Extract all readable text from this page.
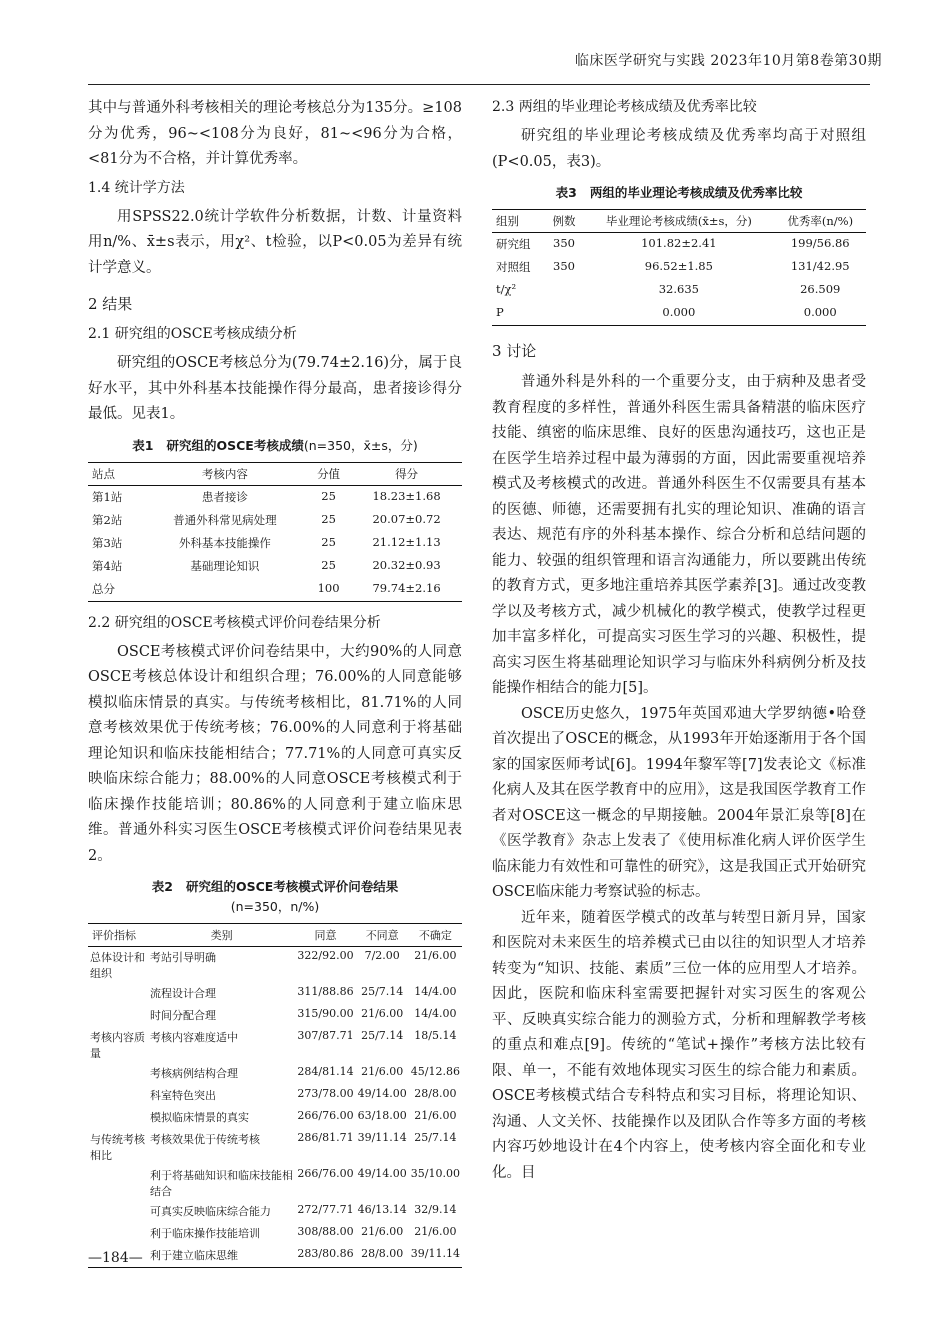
临床医学研究与实践 2023年10月第8卷第30期

其中与普通外科考核相关的理论考核总分为135分。≥108分为优秀，96~<108分为良好，81~<96分为合格，<81分为不合格，并计算优秀率。

1.4 统计学方法

用SPSS22.0统计学软件分析数据，计数、计量资料用n/%、x̄±s表示，用χ²、t检验，以P<0.05为差异有统计学意义。

2 结果
2.1 研究组的OSCE考核成绩分析

研究组的OSCE考核总分为(79.74±2.16)分，属于良好水平，其中外科基本技能操作得分最高，患者接诊得分最低。见表1。

表1 研究组的OSCE考核成绩(n=350，x̄±s，分)
站点	考核内容	分值	得分
第1站	患者接诊	25	18.23±1.68
第2站	普通外科常见病处理	25	20.07±0.72
第3站	外科基本技能操作	25	21.12±1.13
第4站	基础理论知识	25	20.32±0.93
总分		100	79.74±2.16
2.2 研究组的OSCE考核模式评价问卷结果分析

OSCE考核模式评价问卷结果中，大约90%的人同意OSCE考核总体设计和组织合理；76.00%的人同意能够模拟临床情景的真实。与传统考核相比，81.71%的人同意考核效果优于传统考核；76.00%的人同意利于将基础理论知识和临床技能相结合；77.71%的人同意可真实反映临床综合能力；88.00%的人同意OSCE考核模式利于临床操作技能培训；80.86%的人同意利于建立临床思维。普通外科实习医生OSCE考核模式评价问卷结果见表2。

表2 研究组的OSCE考核模式评价问卷结果
(n=350，n/%)
评价指标	类别	同意	不同意	不确定
总体设计和组织	考站引导明确	322/92.00	7/2.00	21/6.00
	流程设计合理	311/88.86	25/7.14	14/4.00
	时间分配合理	315/90.00	21/6.00	14/4.00
考核内容质量	考核内容难度适中	307/87.71	25/7.14	18/5.14
	考核病例结构合理	284/81.14	21/6.00	45/12.86
	科室特色突出	273/78.00	49/14.00	28/8.00
	模拟临床情景的真实	266/76.00	63/18.00	21/6.00
与传统考核相比	考核效果优于传统考核	286/81.71	39/11.14	25/7.14
	利于将基础知识和临床技能相结合	266/76.00	49/14.00	35/10.00
	可真实反映临床综合能力	272/77.71	46/13.14	32/9.14
	利于临床操作技能培训	308/88.00	21/6.00	21/6.00
	利于建立临床思维	283/80.86	28/8.00	39/11.14
2.3 两组的毕业理论考核成绩及优秀率比较

研究组的毕业理论考核成绩及优秀率均高于对照组(P<0.05，表3)。

表3 两组的毕业理论考核成绩及优秀率比较
组别	例数	毕业理论考核成绩(x̄±s，分)	优秀率(n/%)
研究组	350	101.82±2.41	199/56.86
对照组	350	96.52±1.85	131/42.95
t/χ²		32.635	26.509
P		0.000	0.000
3 讨论

普通外科是外科的一个重要分支，由于病种及患者受教育程度的多样性，普通外科医生需具备精湛的临床医疗技能、缜密的临床思维、良好的医患沟通技巧，这也正是在医学生培养过程中最为薄弱的方面，因此需要重视培养模式及考核模式的改进。普通外科医生不仅需要具有基本的医德、师德，还需要拥有扎实的理论知识、准确的语言表达、规范有序的外科基本操作、综合分析和总结问题的能力、较强的组织管理和语言沟通能力，所以要跳出传统的教育方式，更多地注重培养其医学素养[3]。通过改变教学以及考核方式，减少机械化的教学模式，使教学过程更加丰富多样化，可提高实习医生学习的兴趣、积极性，提高实习医生将基础理论知识学习与临床外科病例分析及技能操作相结合的能力[5]。

OSCE历史悠久，1975年英国邓迪大学罗纳德•哈登首次提出了OSCE的概念，从1993年开始逐渐用于各个国家的国家医师考试[6]。1994年黎军等[7]发表论文《标准化病人及其在医学教育中的应用》，这是我国医学教育工作者对OSCE这一概念的早期接触。2004年景汇泉等[8]在《医学教育》杂志上发表了《使用标准化病人评价医学生临床能力有效性和可靠性的研究》，这是我国正式开始研究OSCE临床能力考察试验的标志。

近年来，随着医学模式的改革与转型日新月异，国家和医院对未来医生的培养模式已由以往的知识型人才培养转变为“知识、技能、素质”三位一体的应用型人才培养。因此，医院和临床科室需要把握针对实习医生的客观公平、反映真实综合能力的测验方式，分析和理解教学考核的重点和难点[9]。传统的“笔试+操作”考核方法比较有限、单一，不能有效地体现实习医生的综合能力和素质。OSCE考核模式结合专科特点和实习目标，将理论知识、沟通、人文关怀、技能操作以及团队合作等多方面的考核内容巧妙地设计在4个内容上，使考核内容全面化和专业化。目

—184—
